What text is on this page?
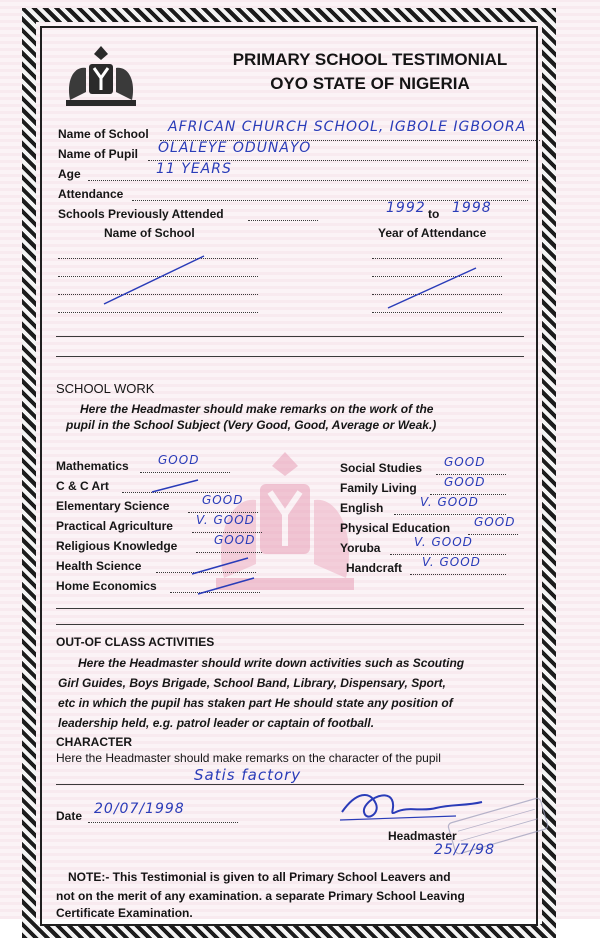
PRIMARY SCHOOL TESTIMONIAL
OYO STATE OF NIGERIA
Name of School AFRICAN CHURCH SCHOOL, IGBOLE IGBOORA
Name of Pupil OLALEYE ODUNAYO
Age	11 YEARS
Attendance
Schools Previously Attended	1992 to 1998
Name of School	Year of Attendance
SCHOOL WORK
Here the Headmaster should make remarks on the work of the
pupil in the School Subject (Very Good, Good, Average or Weak.)
Mathematics GOOD
C & C Art
Elementary Science	GOOD
Practical Agriculture V. GOOD
Religious Knowledge	GOOD
Health Science
Home Economics
Social Studies GOOD
Family Living GOOD
English	V. GOOD
Physical Education GOOD
Yoruba	V. GOOD
Handcraft V. GOOD
OUT-OF CLASS ACTIVITIES
Here the Headmaster should write down activities such as Scouting
Girl Guides, Boys Brigade, School Band, Library, Dispensary, Sport,
etc in which the pupil has staken part He should state any position of
leadership held, e.g. patrol leader or captain of football.
CHARACTER
Here the Headmaster should make remarks on the character of the pupil
Satis factory
Date 20/07/1998
Headmaster
25/7/98
NOTE:- This Testimonial is given to all Primary School Leavers and
not on the merit of any examination. a separate Primary School Leaving
Certificate Examination.
